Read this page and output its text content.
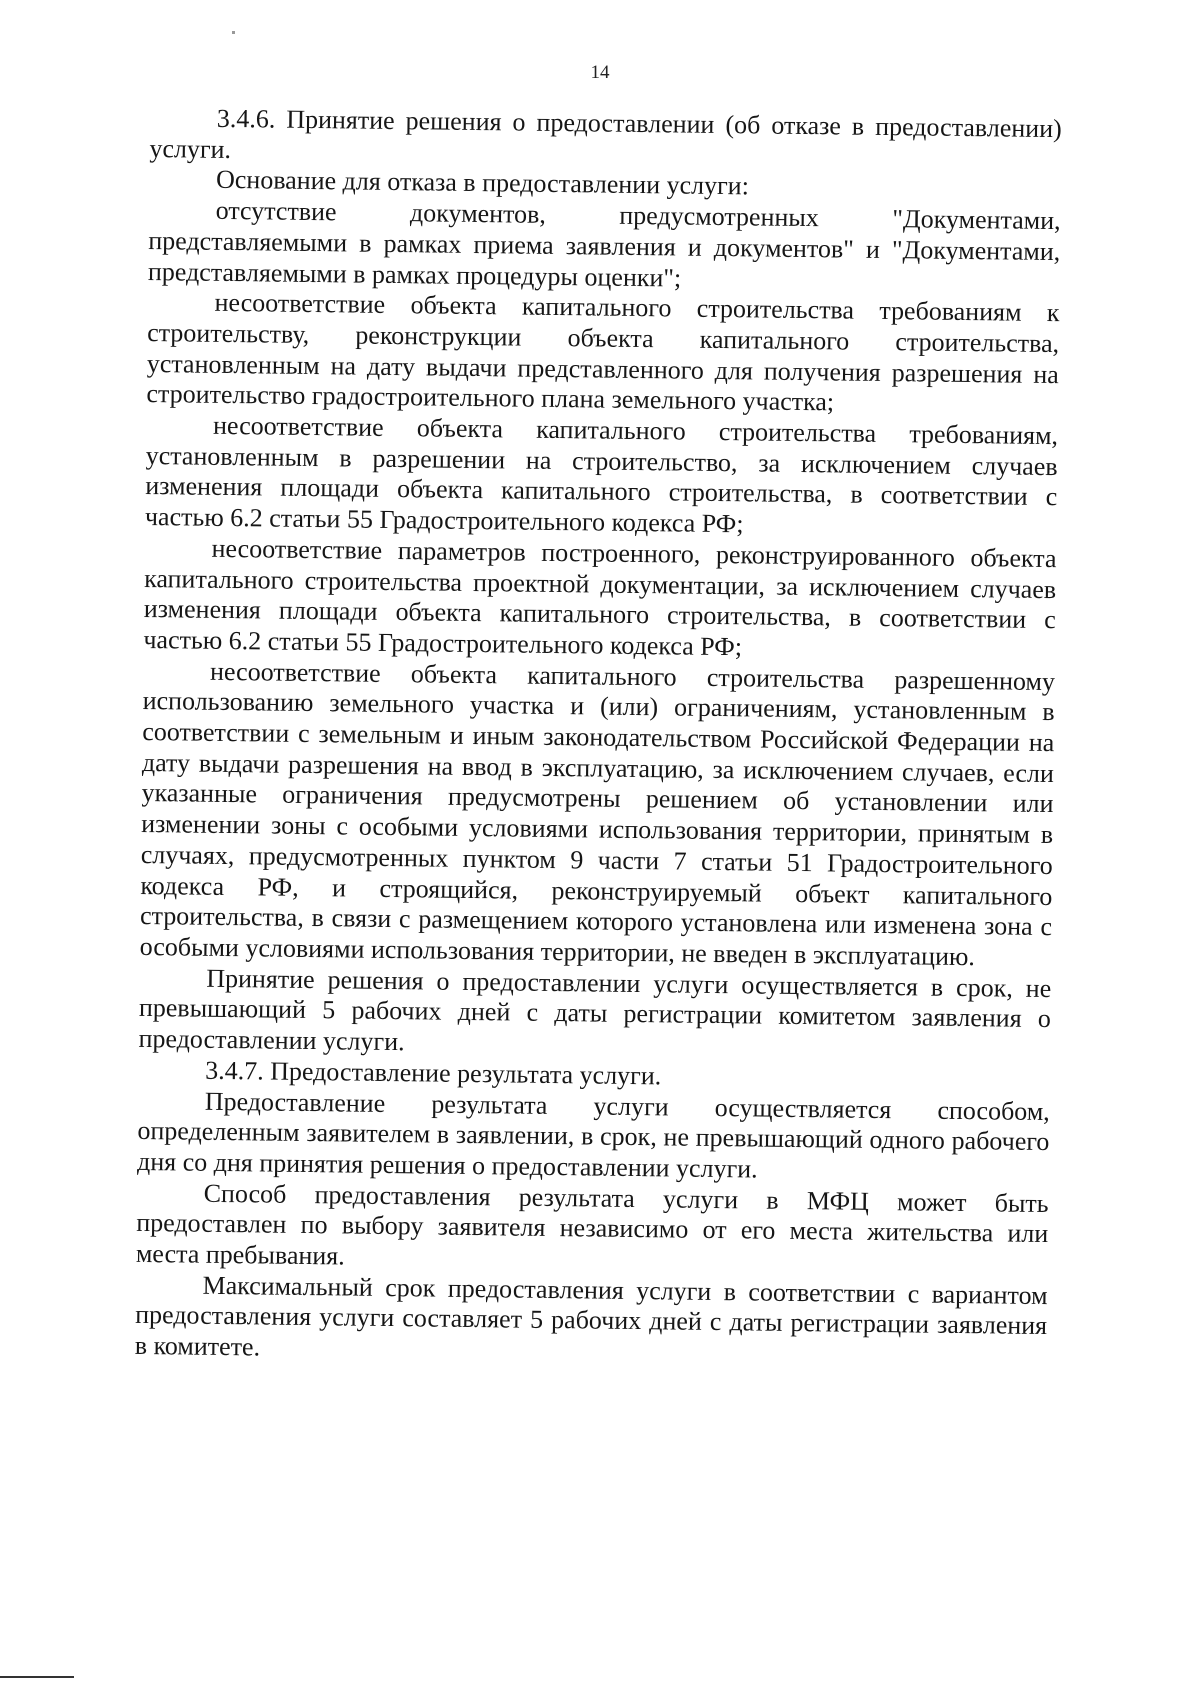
14

3.4.6. Принятие решения о предоставлении (об отказе в предоставлении) услуги.

Основание для отказа в предоставлении услуги:

отсутствие документов, предусмотренных "Документами, представляемыми в рамках приема заявления и документов" и "Документами, представляемыми в рамках процедуры оценки";

несоответствие объекта капитального строительства требованиям к строительству, реконструкции объекта капитального строительства, установленным на дату выдачи представленного для получения разрешения на строительство градостроительного плана земельного участка;

несоответствие объекта капитального строительства требованиям, установленным в разрешении на строительство, за исключением случаев изменения площади объекта капитального строительства, в соответствии с частью 6.2 статьи 55 Градостроительного кодекса РФ;

несоответствие параметров построенного, реконструированного объекта капитального строительства проектной документации, за исключением случаев изменения площади объекта капитального строительства, в соответствии с частью 6.2 статьи 55 Градостроительного кодекса РФ;

несоответствие объекта капитального строительства разрешенному использованию земельного участка и (или) ограничениям, установленным в соответствии с земельным и иным законодательством Российской Федерации на дату выдачи разрешения на ввод в эксплуатацию, за исключением случаев, если указанные ограничения предусмотрены решением об установлении или изменении зоны с особыми условиями использования территории, принятым в случаях, предусмотренных пунктом 9 части 7 статьи 51 Градостроительного кодекса РФ, и строящийся, реконструируемый объект капитального строительства, в связи с размещением которого установлена или изменена зона с особыми условиями использования территории, не введен в эксплуатацию.

Принятие решения о предоставлении услуги осуществляется в срок, не превышающий 5 рабочих дней с даты регистрации комитетом заявления о предоставлении услуги.

3.4.7. Предоставление результата услуги.

Предоставление результата услуги осуществляется способом, определенным заявителем в заявлении, в срок, не превышающий одного рабочего дня со дня принятия решения о предоставлении услуги.

Способ предоставления результата услуги в МФЦ может быть предоставлен по выбору заявителя независимо от его места жительства или места пребывания.

Максимальный срок предоставления услуги в соответствии с вариантом предоставления услуги составляет 5 рабочих дней с даты регистрации заявления в комитете.
